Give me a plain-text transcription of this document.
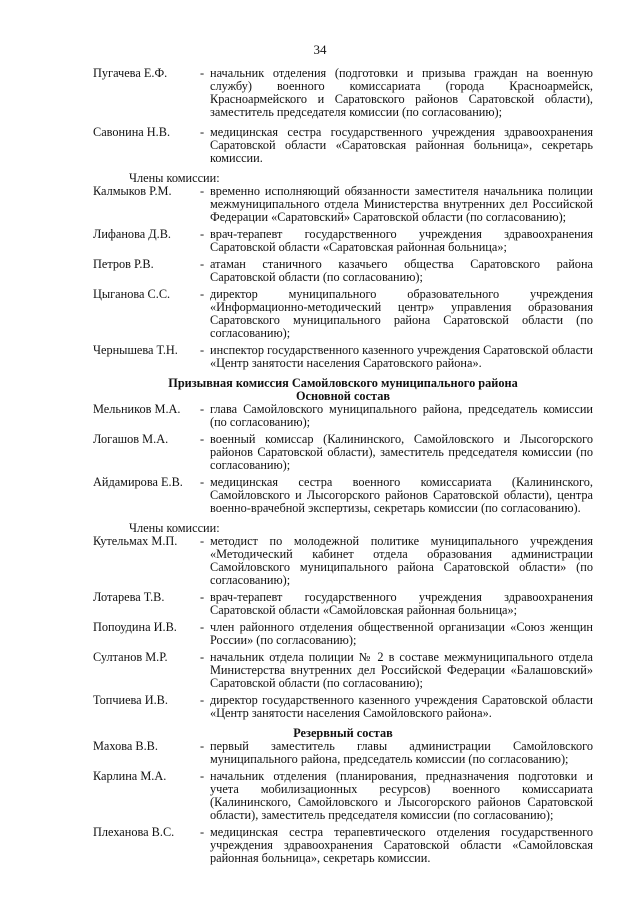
34
Пугачева Е.Ф.	- начальник отделения (подготовки и призыва граждан на военную службу) военного комиссариата (города Красноармейск, Красноармейского и Саратовского районов Саратовской области), заместитель председателя комиссии (по согласованию);
Савонина Н.В.	- медицинская сестра государственного учреждения здравоохранения Саратовской области «Саратовская районная больница», секретарь комиссии.
Члены комиссии:
Калмыков Р.М.	- временно исполняющий обязанности заместителя начальника полиции межмуниципального отдела Министерства внутренних дел Российской Федерации «Саратовский» Саратовской области (по согласованию);
Лифанова Д.В.	- врач-терапевт государственного учреждения здравоохранения Саратовской области «Саратовская районная больница»;
Петров Р.В.	- атаман станичного казачьего общества Саратовского района Саратовской области (по согласованию);
Цыганова С.С.	- директор муниципального образовательного учреждения «Информационно-методический центр» управления образования Саратовского муниципального района Саратовской области (по согласованию);
Чернышева Т.Н.	- инспектор государственного казенного учреждения Саратовской области «Центр занятости населения Саратовского района».
Призывная комиссия Самойловского муниципального района
Основной состав
Мельников М.А.	- глава Самойловского муниципального района, председатель комиссии (по согласованию);
Логашов М.А.	- военный комиссар (Калининского, Самойловского и Лысогорского районов Саратовской области), заместитель председателя комиссии (по согласованию);
Айдамирова Е.В.	- медицинская сестра военного комиссариата (Калининского, Самойловского и Лысогорского районов Саратовской области), центра военно-врачебной экспертизы, секретарь комиссии (по согласованию).
Члены комиссии:
Кутельмах М.П.	- методист по молодежной политике муниципального учреждения «Методический кабинет отдела образования администрации Самойловского муниципального района Саратовской области» (по согласованию);
Лотарева Т.В.	- врач-терапевт государственного учреждения здравоохранения Саратовской области «Самойловская районная больница»;
Попоудина И.В.	- член районного отделения общественной организации «Союз женщин России» (по согласованию);
Султанов М.Р.	- начальник отдела полиции № 2 в составе межмуниципального отдела Министерства внутренних дел Российской Федерации «Балашовский» Саратовской области (по согласованию);
Топчиева И.В.	- директор государственного казенного учреждения Саратовской области «Центр занятости населения Самойловского района».
Резервный состав
Махова В.В.	- первый заместитель главы администрации Самойловского муниципального района, председатель комиссии (по согласованию);
Карлина М.А.	- начальник отделения (планирования, предназначения подготовки и учета мобилизационных ресурсов) военного комиссариата (Калининского, Самойловского и Лысогорского районов Саратовской области), заместитель председателя комиссии (по согласованию);
Плеханова В.С.	- медицинская сестра терапевтического отделения государственного учреждения здравоохранения Саратовской области «Самойловская районная больница», секретарь комиссии.
